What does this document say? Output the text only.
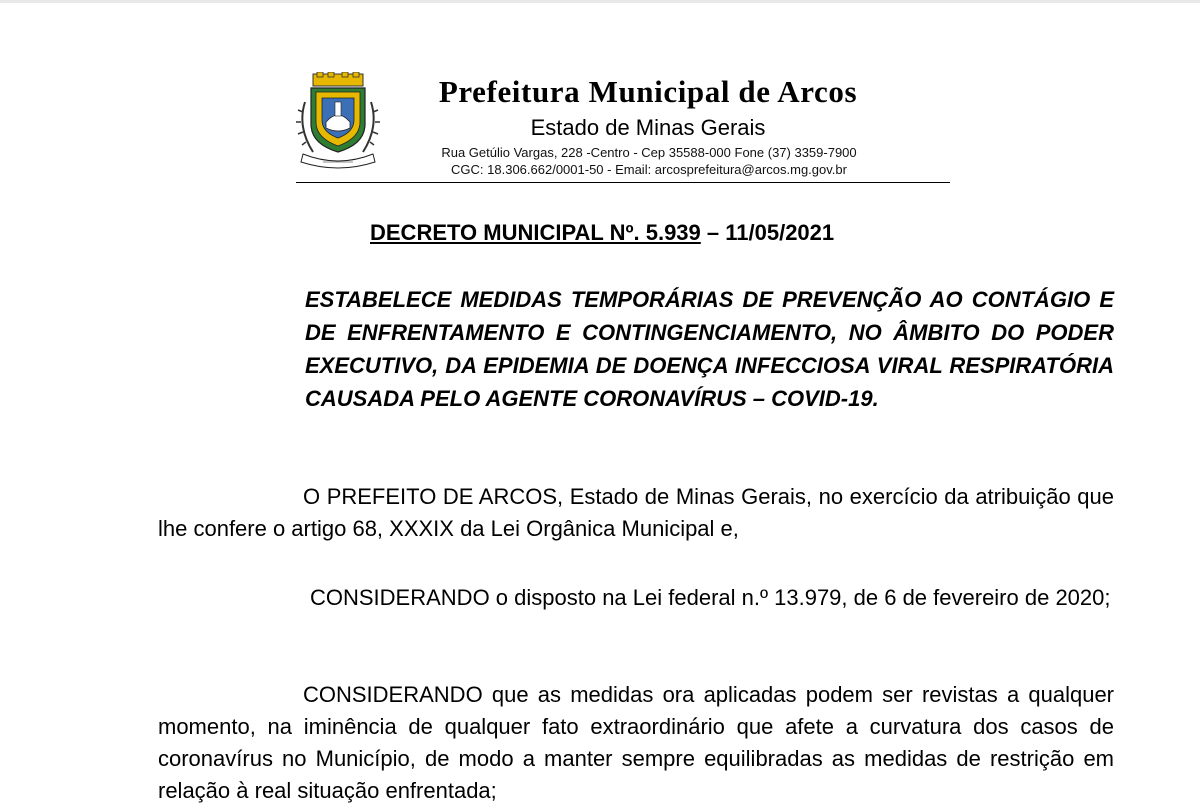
Prefeitura Municipal de Arcos
Estado de Minas Gerais
Rua Getúlio Vargas, 228 -Centro - Cep 35588-000 Fone (37) 3359-7900
CGC: 18.306.662/0001-50 - Email: arcosprefeitura@arcos.mg.gov.br
DECRETO MUNICIPAL Nº. 5.939 – 11/05/2021
ESTABELECE MEDIDAS TEMPORÁRIAS DE PREVENÇÃO AO CONTÁGIO E DE ENFRENTAMENTO E CONTINGENCIAMENTO, NO ÂMBITO DO PODER EXECUTIVO, DA EPIDEMIA DE DOENÇA INFECCIOSA VIRAL RESPIRATÓRIA CAUSADA PELO AGENTE CORONAVÍRUS – COVID-19.
O PREFEITO DE ARCOS, Estado de Minas Gerais, no exercício da atribuição que lhe confere o artigo 68, XXXIX da Lei Orgânica Municipal e,
CONSIDERANDO o disposto na Lei federal n.º 13.979, de 6 de fevereiro de 2020;
CONSIDERANDO que as medidas ora aplicadas podem ser revistas a qualquer momento, na iminência de qualquer fato extraordinário que afete a curvatura dos casos de coronavírus no Município, de modo a manter sempre equilibradas as medidas de restrição em relação à real situação enfrentada;
